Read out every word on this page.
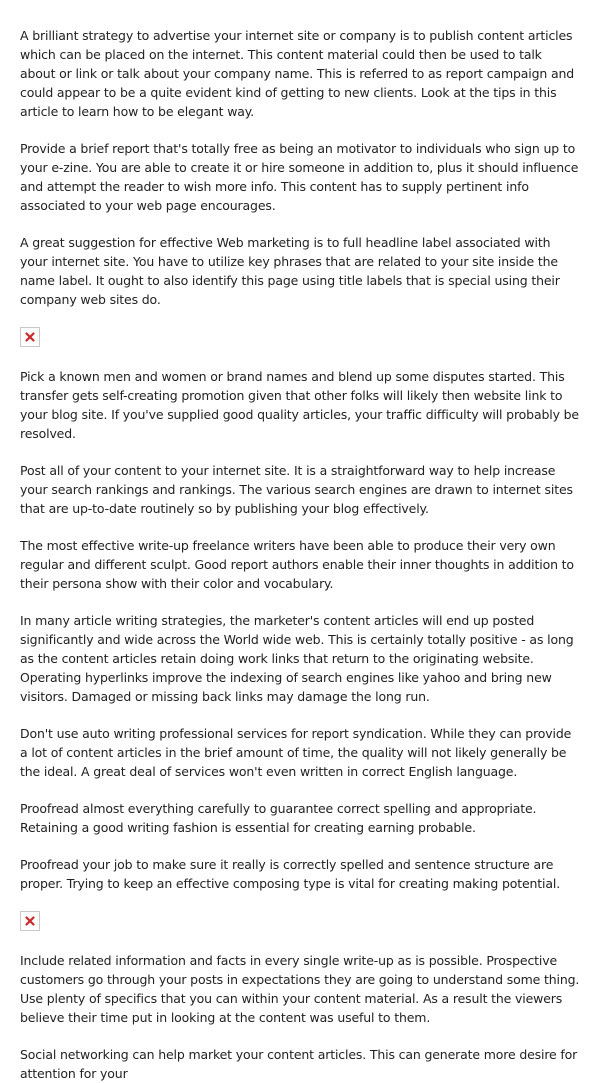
A brilliant strategy to advertise your internet site or company is to publish content articles which can be placed on the internet. This content material could then be used to talk about or link or talk about your company name. This is referred to as report campaign and could appear to be a quite evident kind of getting to new clients. Look at the tips in this article to learn how to be elegant way.

Provide a brief report that's totally free as being an motivator to individuals who sign up to your e-zine. You are able to create it or hire someone in addition to, plus it should influence and attempt the reader to wish more info. This content has to supply pertinent info associated to your web page encourages.

A great suggestion for effective Web marketing is to full headline label associated with your internet site. You have to utilize key phrases that are related to your site inside the name label. It ought to also identify this page using title labels that is special using their company web sites do.

Pick a known men and women or brand names and blend up some disputes started. This transfer gets self-creating promotion given that other folks will likely then website link to your blog site. If you've supplied good quality articles, your traffic difficulty will probably be resolved.

Post all of your content to your internet site. It is a straightforward way to help increase your search rankings and rankings. The various search engines are drawn to internet sites that are up-to-date routinely so by publishing your blog effectively.

The most effective write-up freelance writers have been able to produce their very own regular and different sculpt. Good report authors enable their inner thoughts in addition to their persona show with their color and vocabulary.

In many article writing strategies, the marketer's content articles will end up posted significantly and wide across the World wide web. This is certainly totally positive - as long as the content articles retain doing work links that return to the originating website. Operating hyperlinks improve the indexing of search engines like yahoo and bring new visitors. Damaged or missing back links may damage the long run.

Don't use auto writing professional services for report syndication. While they can provide a lot of content articles in the brief amount of time, the quality will not likely generally be the ideal. A great deal of services won't even written in correct English language.

Proofread almost everything carefully to guarantee correct spelling and appropriate. Retaining a good writing fashion is essential for creating earning probable.

Proofread your job to make sure it really is correctly spelled and sentence structure are proper. Trying to keep an effective composing type is vital for creating making potential.

Include related information and facts in every single write-up as is possible. Prospective customers go through your posts in expectations they are going to understand some thing. Use plenty of specifics that you can within your content material. As a result the viewers believe their time put in looking at the content was useful to them.

Social networking can help market your content articles. This can generate more desire for attention for your
